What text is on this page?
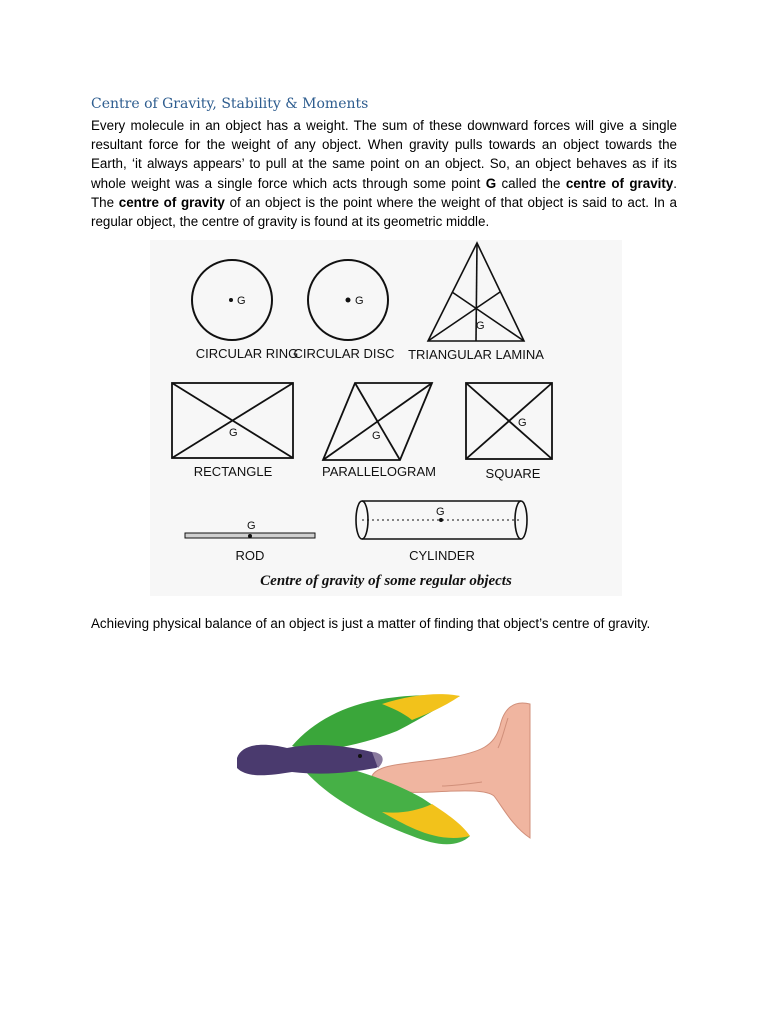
Centre of Gravity, Stability & Moments
Every molecule in an object has a weight. The sum of these downward forces will give a single resultant force for the weight of any object. When gravity pulls towards an object towards the Earth, ‘it always appears’ to pull at the same point on an object. So, an object behaves as if its whole weight was a single force which acts through some point G called the centre of gravity. The centre of gravity of an object is the point where the weight of that object is said to act. In a regular object, the centre of gravity is found at its geometric middle.
G
CIRCULAR RING
G
CIRCULAR DISC
G
TRIANGULAR LAMINA
G
RECTANGLE
G
PARALLELOGRAM
G
SQUARE
G
ROD
G
CYLINDER
Centre of gravity of some regular objects
Achieving physical balance of an object is just a matter of finding that object’s centre of gravity.
